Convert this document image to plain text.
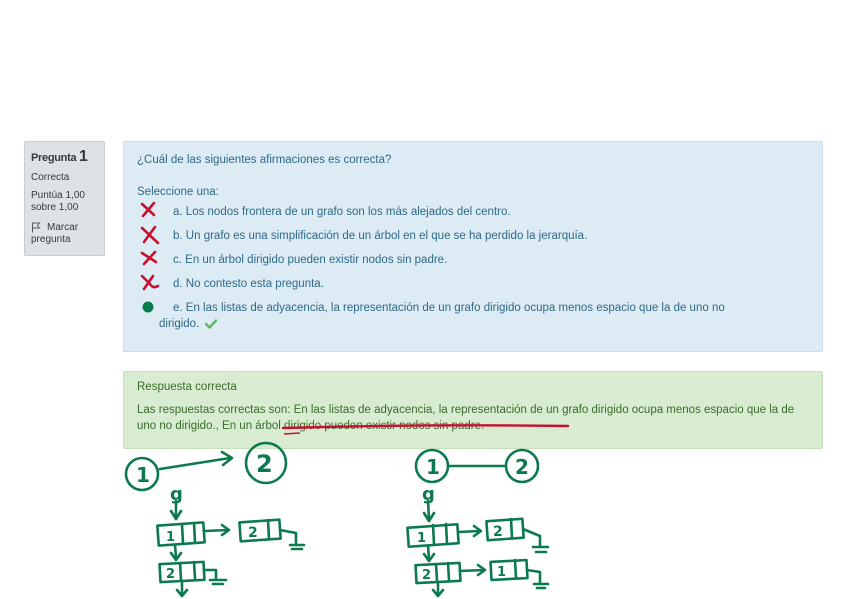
Pregunta 1
Correcta
Puntúa 1,00
sobre 1,00
Marcar
pregunta
¿Cuál de las siguientes afirmaciones es correcta?
Seleccione una:
a. Los nodos frontera de un grafo son los más alejados del centro.
b. Un grafo es una simplificación de un árbol en el que se ha perdido la jerarquía.
c. En un árbol dirigido pueden existir nodos sin padre.
d. No contesto esta pregunta.
e. En las listas de adyacencia, la representación de un grafo dirigido ocupa menos espacio que la de uno no
dirigido.
Respuesta correcta
Las respuestas correctas son: En las listas de adyacencia, la representación de un grafo dirigido ocupa menos espacio que la de uno no dirigido., En un árbol dirigido pueden existir nodos sin padre.
1	2	1	2
g	g
1	2
2
1	2
2	1
